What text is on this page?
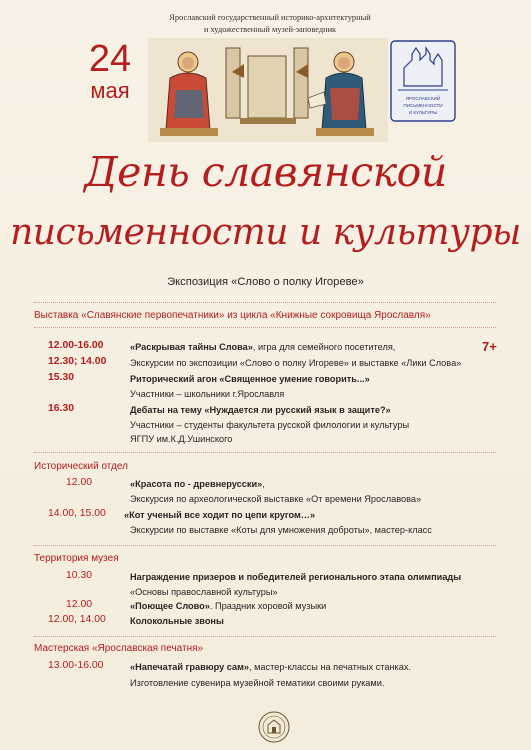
Ярославский государственный историко-архитектурный
и художественный музей-заповедник
24
мая	ЯРОСЛАВСКИЙ
ПИСЬМЕННОСТИ
И КУЛЬТУРЫ
День славянской
письменности и культуры
Экспозиция «Слово о полку Игореве»
Выставка «Славянские первопечатники» из цикла «Книжные сокровища Ярославля»
7+
12.00-16.00	«Раскрывая тайны Слова», игра для семейного посетителя,
12.30; 14.00	Экскурсии по экспозиции «Слово о полку Игореве» и выставке «Лики Слова»
15.30	Риторический агон «Священное умение говорить...»
Участники – школьники г.Ярославля
16.30	Дебаты на тему «Нуждается ли русский язык в защите?»
Участники – студенты факультета русской филологии и культуры
ЯГПУ им.К.Д.Ушинского
Исторический отдел
12.00	«Красота по - древнерусски»,
Экскурсия по археологической выставке «От времени Ярославова»
14.00, 15.00 «Кот ученый все ходит по цепи кругом…»
Экскурсии по выставке «Коты для умножения доброты», мастер-класс
Территория музея
10.30	Награждение призеров и победителей регионального этапа олимпиады
«Основы православной культуры»
12.00	«Поющее Слово». Праздник хоровой музыки
12.00, 14.00	Колокольные звоны
Мастерская «Ярославская печатня»
13.00-16.00	«Напечатай гравюру сам», мастер-классы на печатных станках.
Изготовление сувенира музейной тематики своими руками.
